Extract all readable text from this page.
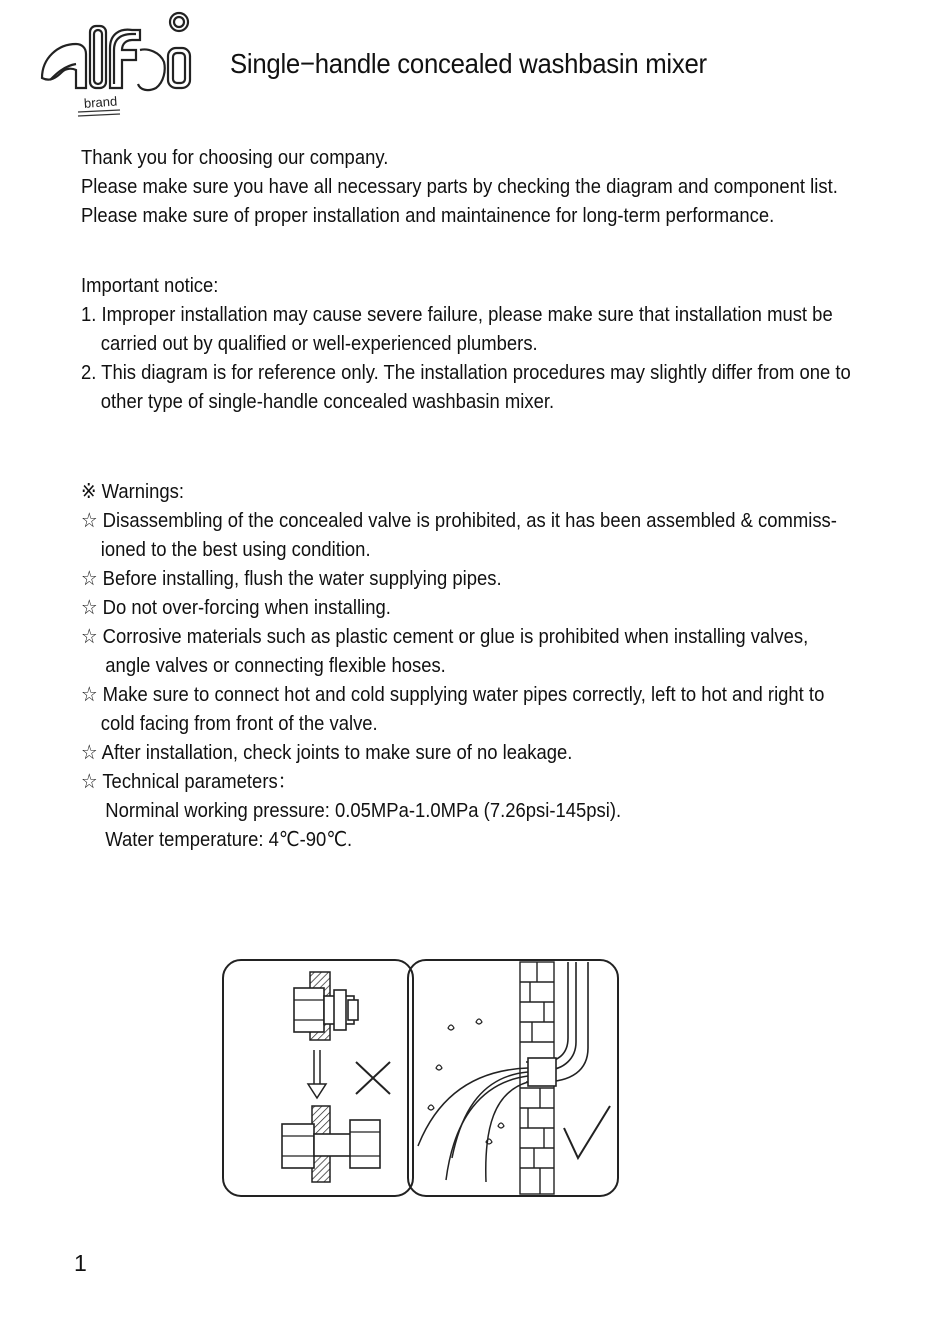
brand
Single−handle concealed washbasin mixer
Thank you for choosing our company.
Please make sure you have all necessary parts by checking the diagram and component list.
Please make sure of proper installation and maintainence for long-term performance.
Important notice:
1. Improper installation may cause severe failure, please make sure that installation must be
carried out by qualified or well-experienced plumbers.
2. This diagram is for reference only. The installation procedures may slightly differ from one to
other type of single-handle concealed washbasin mixer.
※ Warnings:
☆ Disassembling of the concealed valve is prohibited, as it has been assembled & commiss-
ioned to the best using condition.
☆ Before installing, flush the water supplying pipes.
☆ Do not over-forcing when installing.
☆ Corrosive materials such as plastic cement or glue is prohibited when installing valves,
angle valves or connecting flexible hoses.
☆ Make sure to connect hot and cold supplying water pipes correctly, left to hot and right to
cold facing from front of the valve.
☆ After installation, check joints to make sure of no leakage.
☆ Technical parameters：
Norminal working pressure: 0.05MPa-1.0MPa (7.26psi-145psi).
Water temperature: 4℃-90℃.
1
